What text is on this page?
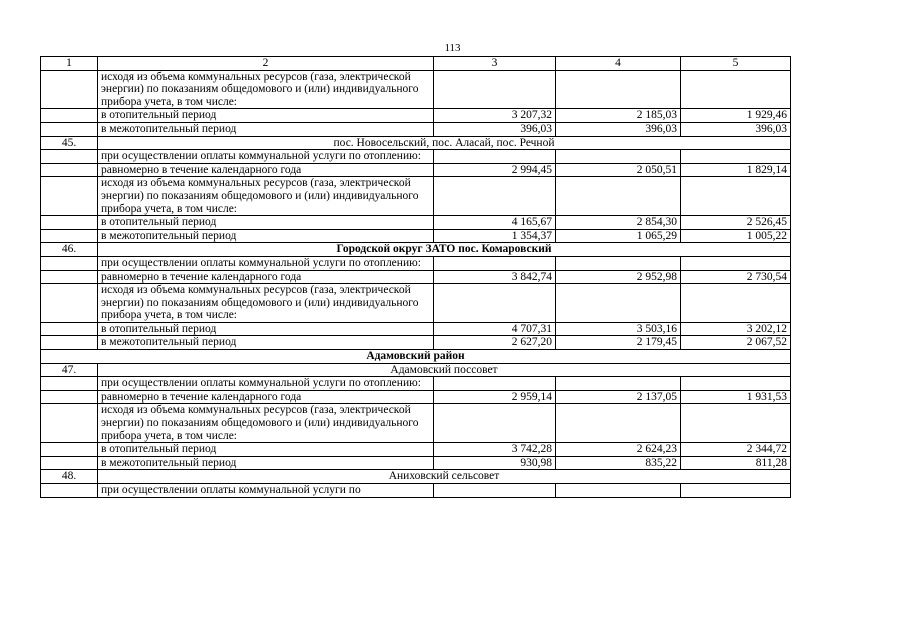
113
1	2	3	4	5
	исходя из объема коммунальных ресурсов (газа, электрической энергии) по показаниям общедомового и (или) индивидуального прибора учета, в том числе:			
	в отопительный период	3 207,32	2 185,03	1 929,46
	в межотопительный период	396,03	396,03	396,03
45.	пос. Новосельский, пос. Аласай, пос. Речной			
	при осуществлении оплаты коммунальной услуги по отоплению:			
	равномерно в течение календарного года	2 994,45	2 050,51	1 829,14
	исходя из объема коммунальных ресурсов (газа, электрической энергии) по показаниям общедомового и (или) индивидуального прибора учета, в том числе:			
	в отопительный период	4 165,67	2 854,30	2 526,45
	в межотопительный период	1 354,37	1 065,29	1 005,22
46.	Городской округ ЗАТО пос. Комаровский			
	при осуществлении оплаты коммунальной услуги по отоплению:			
	равномерно в течение календарного года	3 842,74	2 952,98	2 730,54
	исходя из объема коммунальных ресурсов (газа, электрической энергии) по показаниям общедомового и (или) индивидуального прибора учета, в том числе:			
	в отопительный период	4 707,31	3 503,16	3 202,12
	в межотопительный период	2 627,20	2 179,45	2 067,52
Адамовский район				
47.	Адамовский поссовет			
	при осуществлении оплаты коммунальной услуги по отоплению:			
	равномерно в течение календарного года	2 959,14	2 137,05	1 931,53
	исходя из объема коммунальных ресурсов (газа, электрической энергии) по показаниям общедомового и (или) индивидуального прибора учета, в том числе:			
	в отопительный период	3 742,28	2 624,23	2 344,72
	в межотопительный период	930,98	835,22	811,28
48.	Аниховский сельсовет			
	при осуществлении оплаты коммунальной услуги по			
